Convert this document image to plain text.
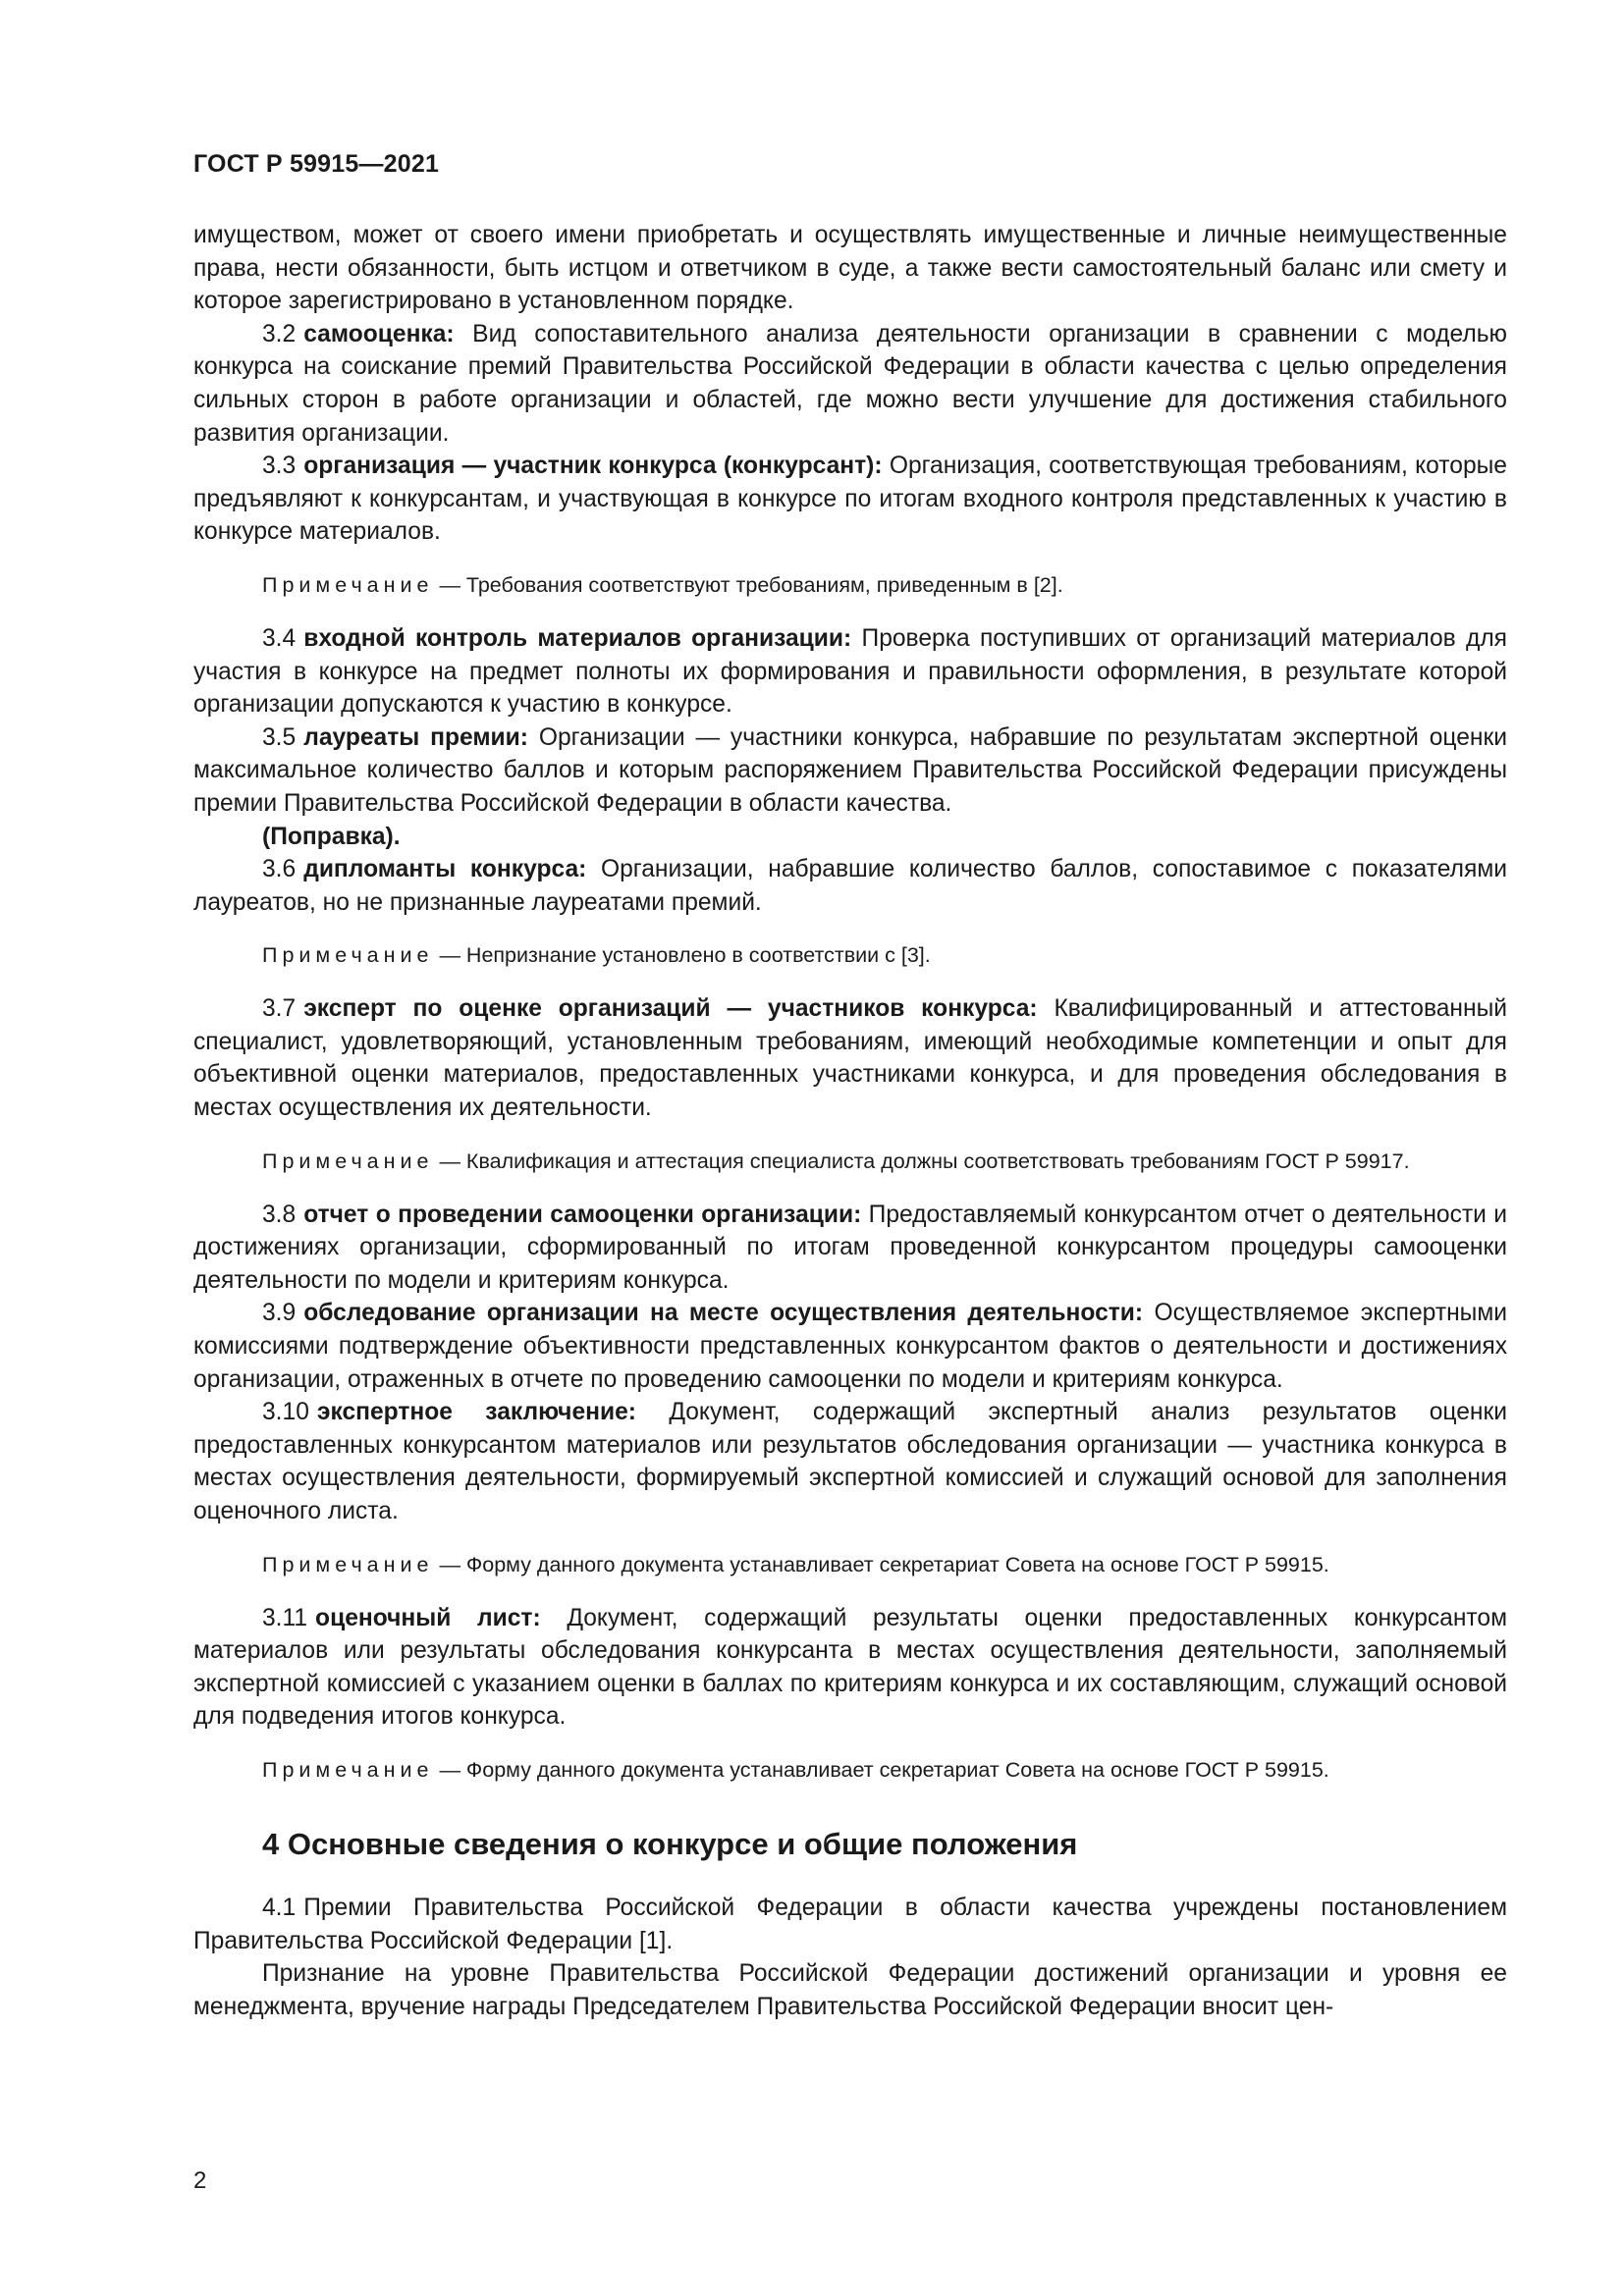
ГОСТ Р 59915—2021

имуществом, может от своего имени приобретать и осуществлять имущественные и личные неимущественные права, нести обязанности, быть истцом и ответчиком в суде, а также вести самостоятельный баланс или смету и которое зарегистрировано в установленном порядке.

3.2 самооценка: Вид сопоставительного анализа деятельности организации в сравнении с моделью конкурса на соискание премий Правительства Российской Федерации в области качества с целью определения сильных сторон в работе организации и областей, где можно вести улучшение для достижения стабильного развития организации.

3.3 организация — участник конкурса (конкурсант): Организация, соответствующая требованиям, которые предъявляют к конкурсантам, и участвующая в конкурсе по итогам входного контроля представленных к участию в конкурсе материалов.

Примечание — Требования соответствуют требованиям, приведенным в [2].

3.4 входной контроль материалов организации: Проверка поступивших от организаций материалов для участия в конкурсе на предмет полноты их формирования и правильности оформления, в результате которой организации допускаются к участию в конкурсе.

3.5 лауреаты премии: Организации — участники конкурса, набравшие по результатам экспертной оценки максимальное количество баллов и которым распоряжением Правительства Российской Федерации присуждены премии Правительства Российской Федерации в области качества.

(Поправка).

3.6 дипломанты конкурса: Организации, набравшие количество баллов, сопоставимое с показателями лауреатов, но не признанные лауреатами премий.

Примечание — Непризнание установлено в соответствии с [3].

3.7 эксперт по оценке организаций — участников конкурса: Квалифицированный и аттестованный специалист, удовлетворяющий, установленным требованиям, имеющий необходимые компетенции и опыт для объективной оценки материалов, предоставленных участниками конкурса, и для проведения обследования в местах осуществления их деятельности.

Примечание — Квалификация и аттестация специалиста должны соответствовать требованиям ГОСТ Р 59917.

3.8 отчет о проведении самооценки организации: Предоставляемый конкурсантом отчет о деятельности и достижениях организации, сформированный по итогам проведенной конкурсантом процедуры самооценки деятельности по модели и критериям конкурса.

3.9 обследование организации на месте осуществления деятельности: Осуществляемое экспертными комиссиями подтверждение объективности представленных конкурсантом фактов о деятельности и достижениях организации, отраженных в отчете по проведению самооценки по модели и критериям конкурса.

3.10 экспертное заключение: Документ, содержащий экспертный анализ результатов оценки предоставленных конкурсантом материалов или результатов обследования организации — участника конкурса в местах осуществления деятельности, формируемый экспертной комиссией и служащий основой для заполнения оценочного листа.

Примечание — Форму данного документа устанавливает секретариат Совета на основе ГОСТ Р 59915.

3.11 оценочный лист: Документ, содержащий результаты оценки предоставленных конкурсантом материалов или результаты обследования конкурсанта в местах осуществления деятельности, заполняемый экспертной комиссией с указанием оценки в баллах по критериям конкурса и их составляющим, служащий основой для подведения итогов конкурса.

Примечание — Форму данного документа устанавливает секретариат Совета на основе ГОСТ Р 59915.

4 Основные сведения о конкурсе и общие положения

4.1 Премии Правительства Российской Федерации в области качества учреждены постановлением Правительства Российской Федерации [1].

Признание на уровне Правительства Российской Федерации достижений организации и уровня ее менеджмента, вручение награды Председателем Правительства Российской Федерации вносит цен-

2
